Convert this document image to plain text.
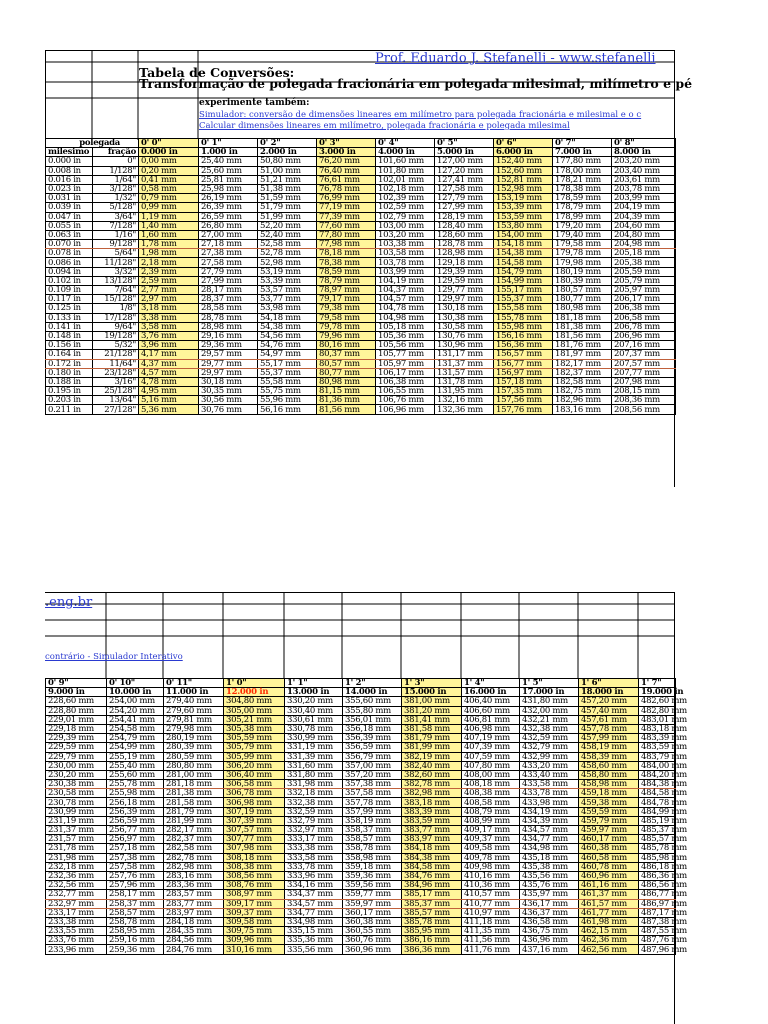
Prof. Eduardo J. Stefanelli - www.stefanelli
Tabela de Conversões:
Transformação de polegada fracionária em polegada milesimal, milímetro e pé
experimente também:
Simulador: conversão de dimensões lineares em milímetro para polegada fracionária e milesimal e o c
Calcular dimensões lineares em milímetro, polegada fracionária e polegada milesimal
polegada		0' 0"	0' 1"	0' 2"	0' 3"	0' 4"	0' 5"	0' 6"	0' 7"	0' 8"
milesimo	fração	0.000 in	1.000 in	2.000 in	3.000 in	4.000 in	5.000 in	6.000 in	7.000 in	8.000 in
0.000 in	0"	0,00 mm	25,40 mm	50,80 mm	76,20 mm	101,60 mm	127,00 mm	152,40 mm	177,80 mm	203,20 mm
0.008 in	1/128"	0,20 mm	25,60 mm	51,00 mm	76,40 mm	101,80 mm	127,20 mm	152,60 mm	178,00 mm	203,40 mm
0.016 in	1/64"	0,41 mm	25,81 mm	51,21 mm	76,61 mm	102,01 mm	127,41 mm	152,81 mm	178,21 mm	203,61 mm
0.023 in	3/128"	0,58 mm	25,98 mm	51,38 mm	76,78 mm	102,18 mm	127,58 mm	152,98 mm	178,38 mm	203,78 mm
0.031 in	1/32"	0,79 mm	26,19 mm	51,59 mm	76,99 mm	102,39 mm	127,79 mm	153,19 mm	178,59 mm	203,99 mm
0.039 in	5/128"	0,99 mm	26,39 mm	51,79 mm	77,19 mm	102,59 mm	127,99 mm	153,39 mm	178,79 mm	204,19 mm
0.047 in	3/64"	1,19 mm	26,59 mm	51,99 mm	77,39 mm	102,79 mm	128,19 mm	153,59 mm	178,99 mm	204,39 mm
0.055 in	7/128"	1,40 mm	26,80 mm	52,20 mm	77,60 mm	103,00 mm	128,40 mm	153,80 mm	179,20 mm	204,60 mm
0.063 in	1/16"	1,60 mm	27,00 mm	52,40 mm	77,80 mm	103,20 mm	128,60 mm	154,00 mm	179,40 mm	204,80 mm
0.070 in	9/128"	1,78 mm	27,18 mm	52,58 mm	77,98 mm	103,38 mm	128,78 mm	154,18 mm	179,58 mm	204,98 mm
0.078 in	5/64"	1,98 mm	27,38 mm	52,78 mm	78,18 mm	103,58 mm	128,98 mm	154,38 mm	179,78 mm	205,18 mm
0.086 in	11/128"	2,18 mm	27,58 mm	52,98 mm	78,38 mm	103,78 mm	129,18 mm	154,58 mm	179,98 mm	205,38 mm
0.094 in	3/32"	2,39 mm	27,79 mm	53,19 mm	78,59 mm	103,99 mm	129,39 mm	154,79 mm	180,19 mm	205,59 mm
0.102 in	13/128"	2,59 mm	27,99 mm	53,39 mm	78,79 mm	104,19 mm	129,59 mm	154,99 mm	180,39 mm	205,79 mm
0.109 in	7/64"	2,77 mm	28,17 mm	53,57 mm	78,97 mm	104,37 mm	129,77 mm	155,17 mm	180,57 mm	205,97 mm
0.117 in	15/128"	2,97 mm	28,37 mm	53,77 mm	79,17 mm	104,57 mm	129,97 mm	155,37 mm	180,77 mm	206,17 mm
0.125 in	1/8"	3,18 mm	28,58 mm	53,98 mm	79,38 mm	104,78 mm	130,18 mm	155,58 mm	180,98 mm	206,38 mm
0.133 in	17/128"	3,38 mm	28,78 mm	54,18 mm	79,58 mm	104,98 mm	130,38 mm	155,78 mm	181,18 mm	206,58 mm
0.141 in	9/64"	3,58 mm	28,98 mm	54,38 mm	79,78 mm	105,18 mm	130,58 mm	155,98 mm	181,38 mm	206,78 mm
0.148 in	19/128"	3,76 mm	29,16 mm	54,56 mm	79,96 mm	105,36 mm	130,76 mm	156,16 mm	181,56 mm	206,96 mm
0.156 in	5/32"	3,96 mm	29,36 mm	54,76 mm	80,16 mm	105,56 mm	130,96 mm	156,36 mm	181,76 mm	207,16 mm
0.164 in	21/128"	4,17 mm	29,57 mm	54,97 mm	80,37 mm	105,77 mm	131,17 mm	156,57 mm	181,97 mm	207,37 mm
0.172 in	11/64"	4,37 mm	29,77 mm	55,17 mm	80,57 mm	105,97 mm	131,37 mm	156,77 mm	182,17 mm	207,57 mm
0.180 in	23/128"	4,57 mm	29,97 mm	55,37 mm	80,77 mm	106,17 mm	131,57 mm	156,97 mm	182,37 mm	207,77 mm
0.188 in	3/16"	4,78 mm	30,18 mm	55,58 mm	80,98 mm	106,38 mm	131,78 mm	157,18 mm	182,58 mm	207,98 mm
0.195 in	25/128"	4,95 mm	30,35 mm	55,75 mm	81,15 mm	106,55 mm	131,95 mm	157,35 mm	182,75 mm	208,15 mm
0.203 in	13/64"	5,16 mm	30,56 mm	55,96 mm	81,36 mm	106,76 mm	132,16 mm	157,56 mm	182,96 mm	208,36 mm
0.211 in	27/128"	5,36 mm	30,76 mm	56,16 mm	81,56 mm	106,96 mm	132,36 mm	157,76 mm	183,16 mm	208,56 mm
.eng.br
contrário - Simulador Interativo
0' 9"	0' 10"	0' 11"	1' 0"	1' 1"	1' 2"	1' 3"	1' 4"	1' 5"	1' 6"	1' 7"
9.000 in	10.000 in	11.000 in	12.000 in	13.000 in	14.000 in	15.000 in	16.000 in	17.000 in	18.000 in	19.000 in
228,60 mm	254,00 mm	279,40 mm	304,80 mm	330,20 mm	355,60 mm	381,00 mm	406,40 mm	431,80 mm	457,20 mm	482,60 mm
228,80 mm	254,20 mm	279,60 mm	305,00 mm	330,40 mm	355,80 mm	381,20 mm	406,60 mm	432,00 mm	457,40 mm	482,80 mm
229,01 mm	254,41 mm	279,81 mm	305,21 mm	330,61 mm	356,01 mm	381,41 mm	406,81 mm	432,21 mm	457,61 mm	483,01 mm
229,18 mm	254,58 mm	279,98 mm	305,38 mm	330,78 mm	356,18 mm	381,58 mm	406,98 mm	432,38 mm	457,78 mm	483,18 mm
229,39 mm	254,79 mm	280,19 mm	305,59 mm	330,99 mm	356,39 mm	381,79 mm	407,19 mm	432,59 mm	457,99 mm	483,39 mm
229,59 mm	254,99 mm	280,39 mm	305,79 mm	331,19 mm	356,59 mm	381,99 mm	407,39 mm	432,79 mm	458,19 mm	483,59 mm
229,79 mm	255,19 mm	280,59 mm	305,99 mm	331,39 mm	356,79 mm	382,19 mm	407,59 mm	432,99 mm	458,39 mm	483,79 mm
230,00 mm	255,40 mm	280,80 mm	306,20 mm	331,60 mm	357,00 mm	382,40 mm	407,80 mm	433,20 mm	458,60 mm	484,00 mm
230,20 mm	255,60 mm	281,00 mm	306,40 mm	331,80 mm	357,20 mm	382,60 mm	408,00 mm	433,40 mm	458,80 mm	484,20 mm
230,38 mm	255,78 mm	281,18 mm	306,58 mm	331,98 mm	357,38 mm	382,78 mm	408,18 mm	433,58 mm	458,98 mm	484,38 mm
230,58 mm	255,98 mm	281,38 mm	306,78 mm	332,18 mm	357,58 mm	382,98 mm	408,38 mm	433,78 mm	459,18 mm	484,58 mm
230,78 mm	256,18 mm	281,58 mm	306,98 mm	332,38 mm	357,78 mm	383,18 mm	408,58 mm	433,98 mm	459,38 mm	484,78 mm
230,99 mm	256,39 mm	281,79 mm	307,19 mm	332,59 mm	357,99 mm	383,39 mm	408,79 mm	434,19 mm	459,59 mm	484,99 mm
231,19 mm	256,59 mm	281,99 mm	307,39 mm	332,79 mm	358,19 mm	383,59 mm	408,99 mm	434,39 mm	459,79 mm	485,19 mm
231,37 mm	256,77 mm	282,17 mm	307,57 mm	332,97 mm	358,37 mm	383,77 mm	409,17 mm	434,57 mm	459,97 mm	485,37 mm
231,57 mm	256,97 mm	282,37 mm	307,77 mm	333,17 mm	358,57 mm	383,97 mm	409,37 mm	434,77 mm	460,17 mm	485,57 mm
231,78 mm	257,18 mm	282,58 mm	307,98 mm	333,38 mm	358,78 mm	384,18 mm	409,58 mm	434,98 mm	460,38 mm	485,78 mm
231,98 mm	257,38 mm	282,78 mm	308,18 mm	333,58 mm	358,98 mm	384,38 mm	409,78 mm	435,18 mm	460,58 mm	485,98 mm
232,18 mm	257,58 mm	282,98 mm	308,38 mm	333,78 mm	359,18 mm	384,58 mm	409,98 mm	435,38 mm	460,78 mm	486,18 mm
232,36 mm	257,76 mm	283,16 mm	308,56 mm	333,96 mm	359,36 mm	384,76 mm	410,16 mm	435,56 mm	460,96 mm	486,36 mm
232,56 mm	257,96 mm	283,36 mm	308,76 mm	334,16 mm	359,56 mm	384,96 mm	410,36 mm	435,76 mm	461,16 mm	486,56 mm
232,77 mm	258,17 mm	283,57 mm	308,97 mm	334,37 mm	359,77 mm	385,17 mm	410,57 mm	435,97 mm	461,37 mm	486,77 mm
232,97 mm	258,37 mm	283,77 mm	309,17 mm	334,57 mm	359,97 mm	385,37 mm	410,77 mm	436,17 mm	461,57 mm	486,97 mm
233,17 mm	258,57 mm	283,97 mm	309,37 mm	334,77 mm	360,17 mm	385,57 mm	410,97 mm	436,37 mm	461,77 mm	487,17 mm
233,38 mm	258,78 mm	284,18 mm	309,58 mm	334,98 mm	360,38 mm	385,78 mm	411,18 mm	436,58 mm	461,98 mm	487,38 mm
233,55 mm	258,95 mm	284,35 mm	309,75 mm	335,15 mm	360,55 mm	385,95 mm	411,35 mm	436,75 mm	462,15 mm	487,55 mm
233,76 mm	259,16 mm	284,56 mm	309,96 mm	335,36 mm	360,76 mm	386,16 mm	411,56 mm	436,96 mm	462,36 mm	487,76 mm
233,96 mm	259,36 mm	284,76 mm	310,16 mm	335,56 mm	360,96 mm	386,36 mm	411,76 mm	437,16 mm	462,56 mm	487,96 mm
